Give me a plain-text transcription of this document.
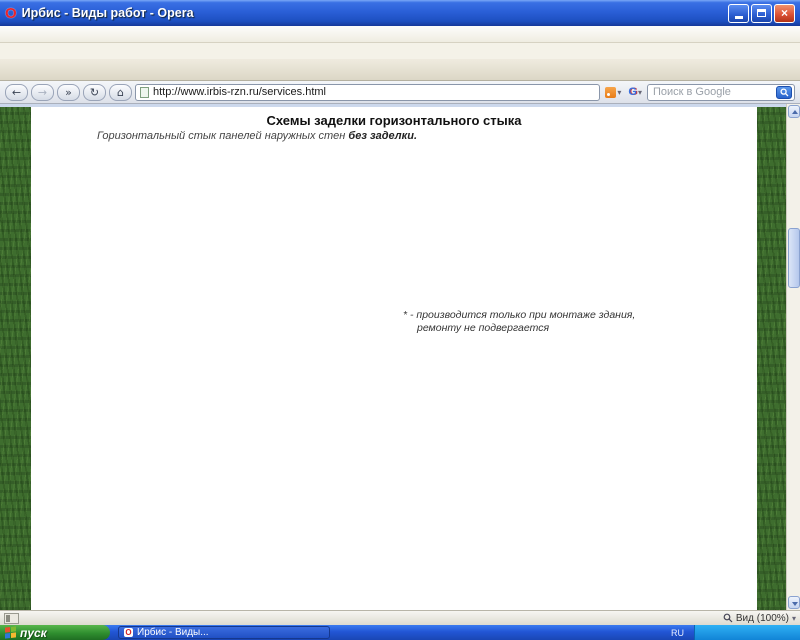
O Ирбис - Виды работ - Opera	×
←	→	»	↻	⌂
http://www.irbis-rzn.ru/services.html	▾ G ▾
Поиск в Google
Схемы заделки горизонтального стыка
Горизонтальный стык панелей наружных стен без заделки.
* - производится только при монтаже здания,
ремонту не подвергается
Вид (100%) ▾
пуск	O Ирбис - Виды...	RU
